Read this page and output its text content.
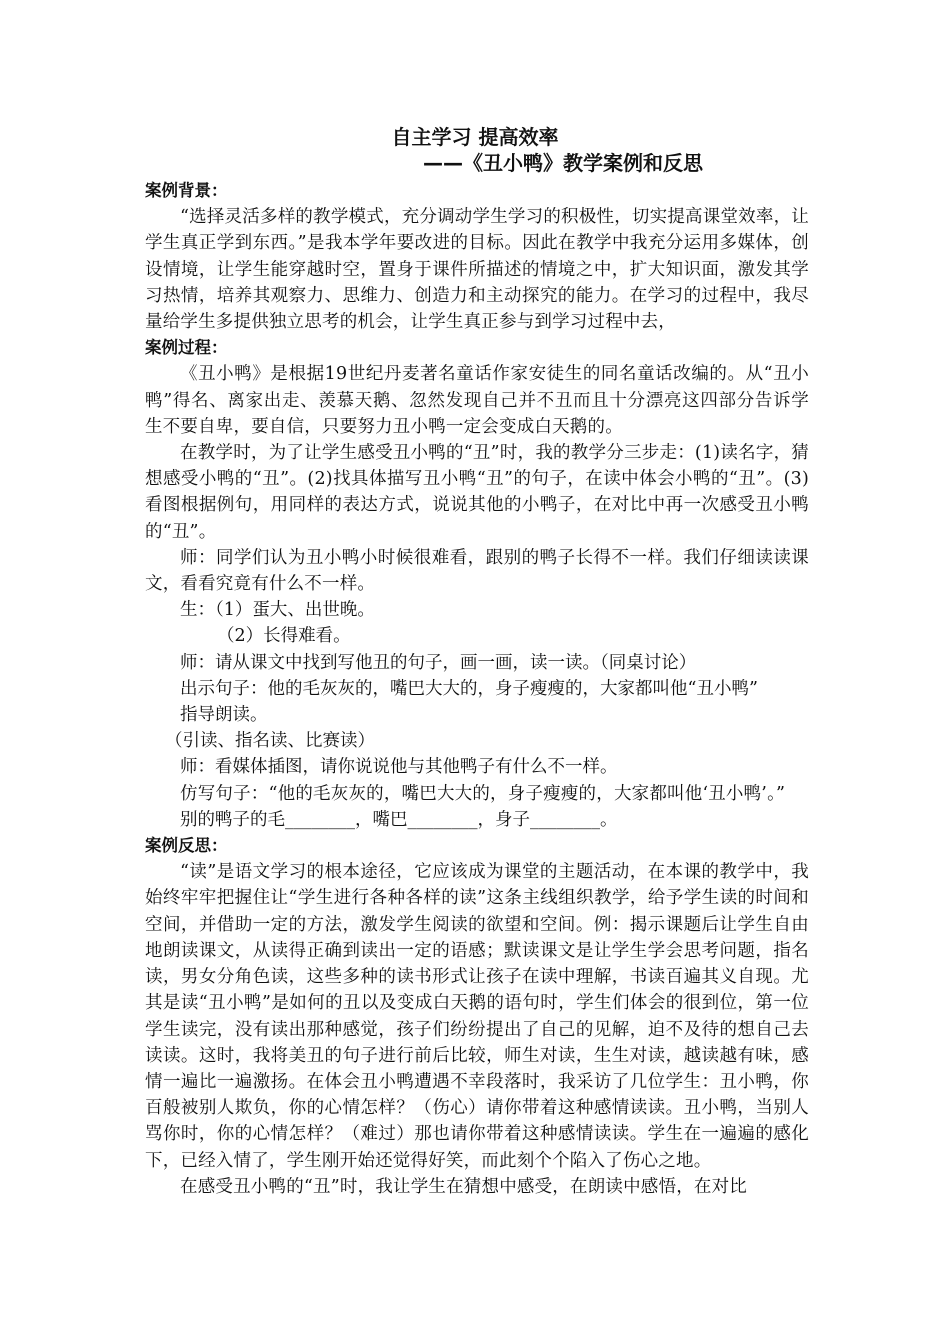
自主学习 提高效率
——《丑小鸭》教学案例和反思
案例背景：
“选择灵活多样的教学模式，充分调动学生学习的积极性，切实提高课堂效率，让学生真正学到东西。”是我本学年要改进的目标。因此在教学中我充分运用多媒体，创设情境，让学生能穿越时空，置身于课件所描述的情境之中，扩大知识面，激发其学习热情，培养其观察力、思维力、创造力和主动探究的能力。在学习的过程中，我尽量给学生多提供独立思考的机会，让学生真正参与到学习过程中去，
案例过程：
《丑小鸭》是根据19世纪丹麦著名童话作家安徒生的同名童话改编的。从“丑小鸭”得名、离家出走、羡慕天鹅、忽然发现自己并不丑而且十分漂亮这四部分告诉学生不要自卑，要自信，只要努力丑小鸭一定会变成白天鹅的。
在教学时，为了让学生感受丑小鸭的“丑”时，我的教学分三步走：(1)读名字，猜想感受小鸭的“丑”。(2)找具体描写丑小鸭“丑”的句子，在读中体会小鸭的“丑”。(3)看图根据例句，用同样的表达方式，说说其他的小鸭子，在对比中再一次感受丑小鸭的“丑”。
师：同学们认为丑小鸭小时候很难看，跟别的鸭子长得不一样。我们仔细读读课文，看看究竟有什么不一样。
生：（1）蛋大、出世晚。
（2）长得难看。
师：请从课文中找到写他丑的句子，画一画，读一读。（同桌讨论）
出示句子：他的毛灰灰的，嘴巴大大的，身子瘦瘦的，大家都叫他“丑小鸭”
指导朗读。
（引读、指名读、比赛读）
师：看媒体插图，请你说说他与其他鸭子有什么不一样。
仿写句子：“他的毛灰灰的，嘴巴大大的，身子瘦瘦的，大家都叫他‘丑小鸭’。”
别的鸭子的毛________，嘴巴________，身子________。
案例反思：
“读”是语文学习的根本途径，它应该成为课堂的主题活动，在本课的教学中，我始终牢牢把握住让“学生进行各种各样的读”这条主线组织教学，给予学生读的时间和空间，并借助一定的方法，激发学生阅读的欲望和空间。例：揭示课题后让学生自由地朗读课文，从读得正确到读出一定的语感；默读课文是让学生学会思考问题，指名读，男女分角色读，这些多种的读书形式让孩子在读中理解，书读百遍其义自现。尤其是读“丑小鸭”是如何的丑以及变成白天鹅的语句时，学生们体会的很到位，第一位学生读完，没有读出那种感觉，孩子们纷纷提出了自己的见解，迫不及待的想自己去读读。这时，我将美丑的句子进行前后比较，师生对读，生生对读，越读越有味，感情一遍比一遍激扬。在体会丑小鸭遭遇不幸段落时，我采访了几位学生：丑小鸭，你百般被别人欺负，你的心情怎样？（伤心）请你带着这种感情读读。丑小鸭，当别人骂你时，你的心情怎样？（难过）那也请你带着这种感情读读。学生在一遍遍的感化下，已经入情了，学生刚开始还觉得好笑，而此刻个个陷入了伤心之地。
在感受丑小鸭的“丑”时，我让学生在猜想中感受，在朗读中感悟，在对比
